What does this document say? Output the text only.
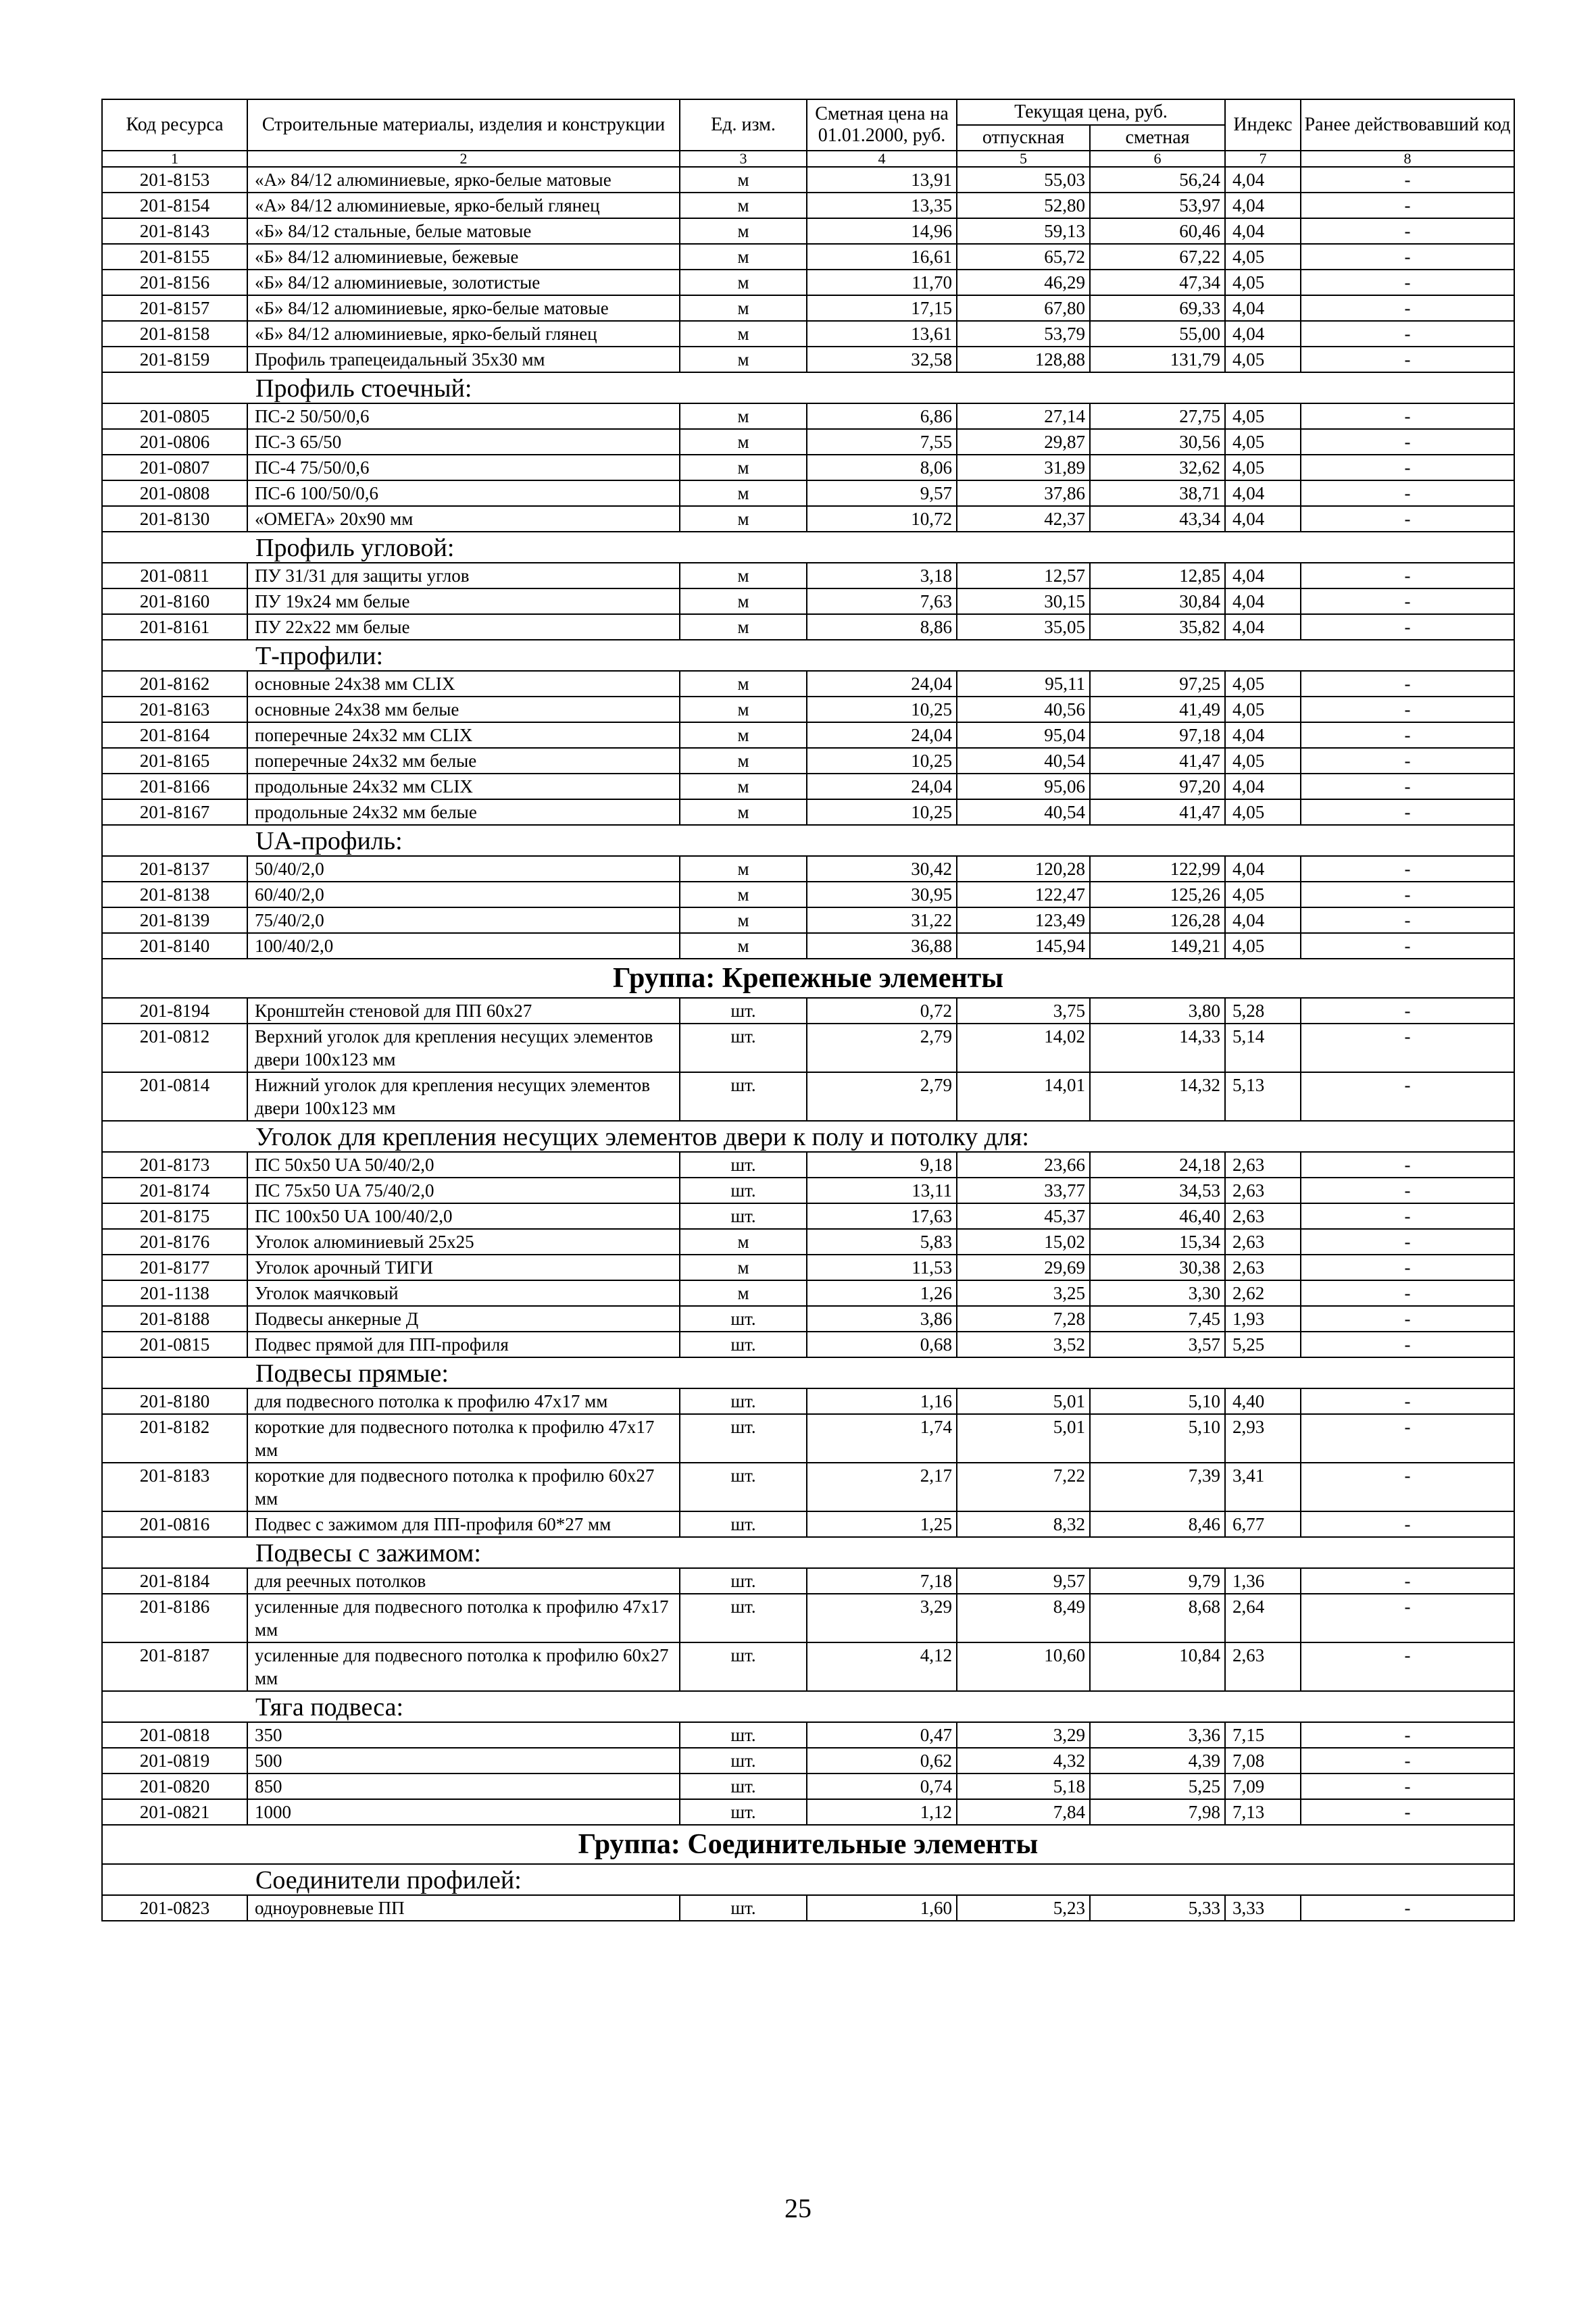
Код ресурса	Строительные материалы, изделия и конструкции	Ед. изм.	Сметная цена на 01.01.2000, руб.	Текущая цена, руб.		Индекс	Ранее действовавший код
				отпускная	сметная		
1	2	3	4	5	6	7	8
201-8153	«А» 84/12 алюминиевые, ярко-белые матовые	м	13,91	55,03	56,24	4,04	-
201-8154	«А» 84/12 алюминиевые, ярко-белый глянец	м	13,35	52,80	53,97	4,04	-
201-8143	«Б» 84/12 стальные, белые матовые	м	14,96	59,13	60,46	4,04	-
201-8155	«Б» 84/12 алюминиевые, бежевые	м	16,61	65,72	67,22	4,05	-
201-8156	«Б» 84/12 алюминиевые, золотистые	м	11,70	46,29	47,34	4,05	-
201-8157	«Б» 84/12 алюминиевые, ярко-белые матовые	м	17,15	67,80	69,33	4,04	-
201-8158	«Б» 84/12 алюминиевые, ярко-белый глянец	м	13,61	53,79	55,00	4,04	-
201-8159	Профиль трапецеидальный 35x30 мм	м	32,58	128,88	131,79	4,05	-
Профиль стоечный:							
201-0805	ПС-2 50/50/0,6	м	6,86	27,14	27,75	4,05	-
201-0806	ПС-3 65/50	м	7,55	29,87	30,56	4,05	-
201-0807	ПС-4 75/50/0,6	м	8,06	31,89	32,62	4,05	-
201-0808	ПС-6 100/50/0,6	м	9,57	37,86	38,71	4,04	-
201-8130	«ОМЕГА» 20x90 мм	м	10,72	42,37	43,34	4,04	-
Профиль угловой:							
201-0811	ПУ 31/31 для защиты углов	м	3,18	12,57	12,85	4,04	-
201-8160	ПУ 19x24 мм белые	м	7,63	30,15	30,84	4,04	-
201-8161	ПУ 22x22 мм белые	м	8,86	35,05	35,82	4,04	-
Т-профили:							
201-8162	основные 24x38 мм CLIX	м	24,04	95,11	97,25	4,05	-
201-8163	основные 24x38 мм белые	м	10,25	40,56	41,49	4,05	-
201-8164	поперечные 24x32 мм CLIX	м	24,04	95,04	97,18	4,04	-
201-8165	поперечные 24x32 мм белые	м	10,25	40,54	41,47	4,05	-
201-8166	продольные 24x32 мм CLIX	м	24,04	95,06	97,20	4,04	-
201-8167	продольные 24x32 мм белые	м	10,25	40,54	41,47	4,05	-
UA-профиль:							
201-8137	50/40/2,0	м	30,42	120,28	122,99	4,04	-
201-8138	60/40/2,0	м	30,95	122,47	125,26	4,05	-
201-8139	75/40/2,0	м	31,22	123,49	126,28	4,04	-
201-8140	100/40/2,0	м	36,88	145,94	149,21	4,05	-
Группа: Крепежные элементы							
201-8194	Кронштейн стеновой для ПП 60x27	шт.	0,72	3,75	3,80	5,28	-
201-0812	Верхний уголок для крепления несущих элементов двери 100x123 мм	шт.	2,79	14,02	14,33	5,14	-
201-0814	Нижний уголок для крепления несущих элементов двери 100x123 мм	шт.	2,79	14,01	14,32	5,13	-
Уголок для крепления несущих элементов двери к полу и потолку для:							
201-8173	ПС 50x50 UA 50/40/2,0	шт.	9,18	23,66	24,18	2,63	-
201-8174	ПС 75x50 UA 75/40/2,0	шт.	13,11	33,77	34,53	2,63	-
201-8175	ПС 100x50 UA 100/40/2,0	шт.	17,63	45,37	46,40	2,63	-
201-8176	Уголок алюминиевый 25x25	м	5,83	15,02	15,34	2,63	-
201-8177	Уголок арочный ТИГИ	м	11,53	29,69	30,38	2,63	-
201-1138	Уголок маячковый	м	1,26	3,25	3,30	2,62	-
201-8188	Подвесы анкерные Д	шт.	3,86	7,28	7,45	1,93	-
201-0815	Подвес прямой для ПП-профиля	шт.	0,68	3,52	3,57	5,25	-
Подвесы прямые:							
201-8180	для подвесного потолка к профилю 47x17 мм	шт.	1,16	5,01	5,10	4,40	-
201-8182	короткие для подвесного потолка к профилю 47x17 мм	шт.	1,74	5,01	5,10	2,93	-
201-8183	короткие для подвесного потолка к профилю 60x27 мм	шт.	2,17	7,22	7,39	3,41	-
201-0816	Подвес с зажимом для ПП-профиля 60*27 мм	шт.	1,25	8,32	8,46	6,77	-
Подвесы с зажимом:							
201-8184	для реечных потолков	шт.	7,18	9,57	9,79	1,36	-
201-8186	усиленные для подвесного потолка к профилю 47x17 мм	шт.	3,29	8,49	8,68	2,64	-
201-8187	усиленные для подвесного потолка к профилю 60x27 мм	шт.	4,12	10,60	10,84	2,63	-
Тяга подвеса:							
201-0818	350	шт.	0,47	3,29	3,36	7,15	-
201-0819	500	шт.	0,62	4,32	4,39	7,08	-
201-0820	850	шт.	0,74	5,18	5,25	7,09	-
201-0821	1000	шт.	1,12	7,84	7,98	7,13	-
Группа: Соединительные элементы							
Соединители профилей:							
201-0823	одноуровневые ПП	шт.	1,60	5,23	5,33	3,33	-
25
